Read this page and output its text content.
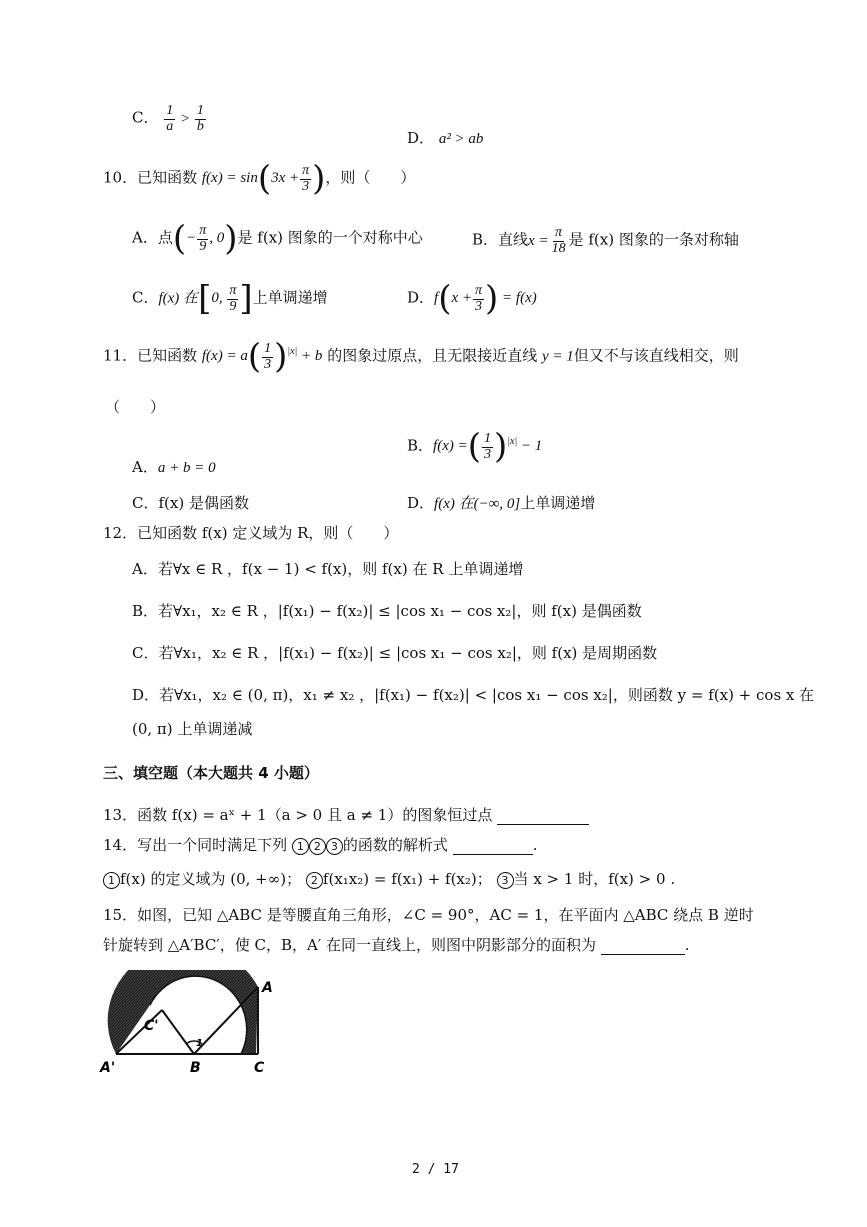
C． $\frac{1}{a} > \frac{1}{b}$
D． a² > ab
10．已知函数 $f(x) = \sin(3x + \frac{\pi}{3}$ )，则（　　）
A．点(− $\frac{\pi}{9}$ , 0)是 f(x) 图象的一个对称中心	B．直线$x = \frac{\pi}{18}$ 是 f(x) 图象的一条对称轴
C．f(x) 在[0, $\frac{\pi}{9}$ ]上单调递增	D．$f(x + \frac{\pi}{3}$ ) = f(x)
11．已知函数 $f(x) = a( \frac{1}{3} )^{|x|} + b$ 的图象过原点，且无限接近直线 y = 1但又不与该直线相交，则
（　　）
A．a + b = 0
B．f(x) =( $\frac{1}{3} )^{|x|} - 1$
C．f(x) 是偶函数	D．f(x) 在(−∞, 0]上单调递增
12．已知函数 f(x) 定义域为 R，则（　　）
A．若∀x ∈ R ，f(x − 1) < f(x)，则 f(x) 在 R 上单调递增
B．若∀x₁，x₂ ∈ R ，|f(x₁) − f(x₂)| ≤ |cos x₁ − cos x₂|，则 f(x) 是偶函数
C．若∀x₁，x₂ ∈ R ，|f(x₁) − f(x₂)| ≤ |cos x₁ − cos x₂|，则 f(x) 是周期函数
D．若∀x₁，x₂ ∈ (0, π)，x₁ ≠ x₂ ，|f(x₁) − f(x₂)| < |cos x₁ − cos x₂|，则函数 y = f(x) + cos x 在
(0, π) 上单调递减
三、填空题（本大题共 4 小题）
13．函数 f(x) = aˣ + 1（a > 0 且 a ≠ 1）的图象恒过点
14．写出一个同时满足下列 1 2 3 的函数的解析式	.
1 f(x) 的定义域为 (0, +∞)； 2 f(x₁x₂) = f(x₁) + f(x₂)； 3 当 x > 1 时，f(x) > 0 .
15．如图，已知 △ABC 是等腰直角三角形，∠C = 90°，AC = 1，在平面内 △ABC 绕点 B 逆时
针旋转到 △A′BC′，使 C，B，A′ 在同一直线上，则图中阴影部分的面积为	.
1
A
A'	B	C
C'
2 / 17
